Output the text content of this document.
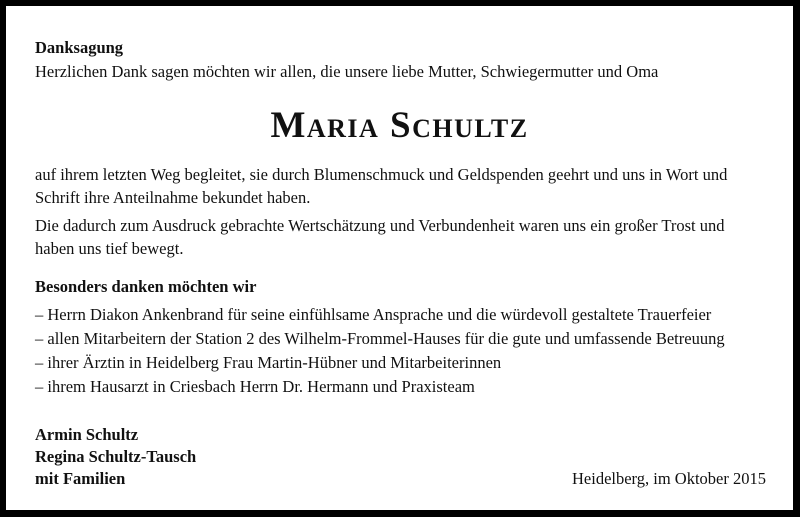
Danksagung
Herzlichen Dank sagen möchten wir allen, die unsere liebe Mutter, Schwiegermutter und Oma
Maria Schultz
auf ihrem letzten Weg begleitet, sie durch Blumenschmuck und Geldspenden geehrt und uns in Wort und
Schrift ihre Anteilnahme bekundet haben.
Die dadurch zum Ausdruck gebrachte Wertschätzung und Verbundenheit waren uns ein großer Trost und
haben uns tief bewegt.
Besonders danken möchten wir
– Herrn Diakon Ankenbrand für seine einfühlsame Ansprache und die würdevoll gestaltete Trauerfeier
– allen Mitarbeitern der Station 2 des Wilhelm-Frommel-Hauses für die gute und umfassende Betreuung
– ihrer Ärztin in Heidelberg Frau Martin-Hübner und Mitarbeiterinnen
– ihrem Hausarzt in Criesbach Herrn Dr. Hermann und Praxisteam
Armin Schultz
Regina Schultz-Tausch
mit Familien	Heidelberg, im Oktober 2015
